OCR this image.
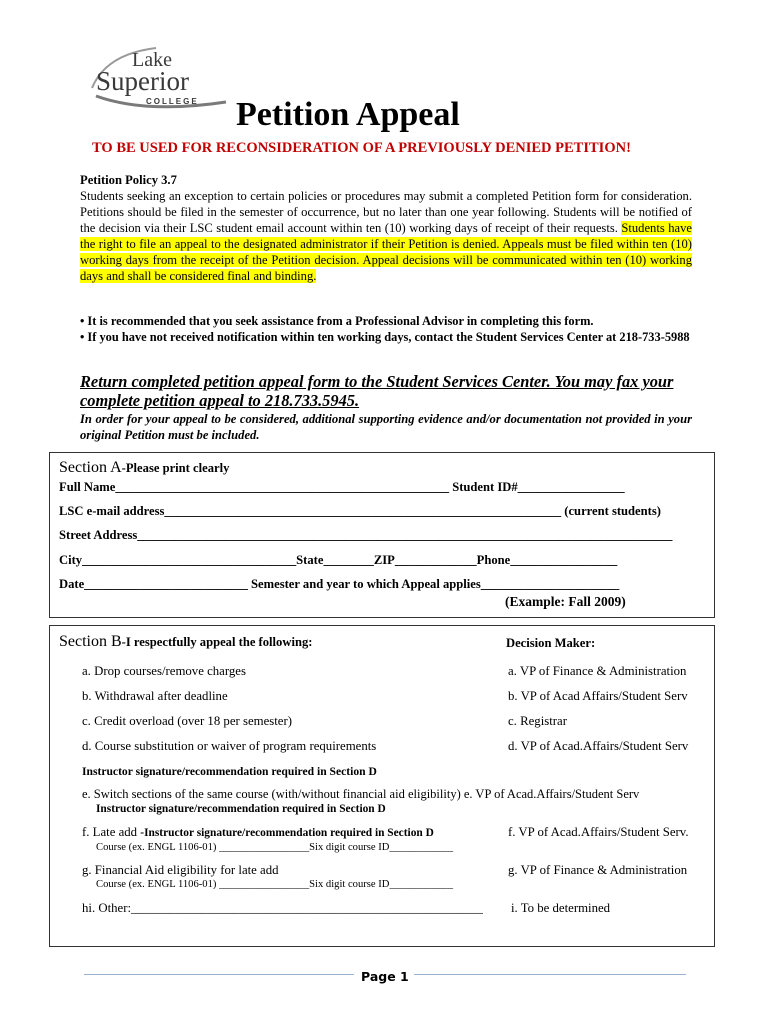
Lake
Superior
COLLEGE Petition Appeal
TO BE USED FOR RECONSIDERATION OF A PREVIOUSLY DENIED PETITION!
Petition Policy 3.7
Students seeking an exception to certain policies or procedures may submit a completed Petition form for consideration. Petitions should be filed in the semester of occurrence, but no later than one year following. Students will be notified of the decision via their LSC student email account within ten (10) working days of receipt of their requests. Students have the right to file an appeal to the designated administrator if their Petition is denied. Appeals must be filed within ten (10) working days from the receipt of the Petition decision. Appeal decisions will be communicated within ten (10) working days and shall be considered final and binding.
• It is recommended that you seek assistance from a Professional Advisor in completing this form.
• If you have not received notification within ten working days, contact the Student Services Center at 218-733-5988
Return completed petition appeal form to the Student Services Center. You may fax your complete petition appeal to 218.733.5945.
In order for your appeal to be considered, additional supporting evidence and/or documentation not provided in your original Petition must be included.
Section A-Please print clearly
Full Name_____________________________________________________ Student ID#_________________
LSC e-mail address_______________________________________________________________ (current students)
Street Address_____________________________________________________________________________________
City__________________________________State________ZIP_____________Phone_________________
Date__________________________ Semester and year to which Appeal applies______________________
(Example: Fall 2009)
Section B-I respectfully appeal the following:	Decision Maker:
a. Drop courses/remove charges	a. VP of Finance & Administration
b. Withdrawal after deadline	b. VP of Acad Affairs/Student Serv
c. Credit overload (over 18 per semester)	c. Registrar
d. Course substitution or waiver of program requirements	d. VP of Acad.Affairs/Student Serv
Instructor signature/recommendation required in Section D
e. Switch sections of the same course (with/without financial aid eligibility) e. VP of Acad.Affairs/Student Serv
Instructor signature/recommendation required in Section D
f. Late add -Instructor signature/recommendation required in Section D	f. VP of Acad.Affairs/Student Serv.
Course (ex. ENGL 1106-01) _________________Six digit course ID____________
g. Financial Aid eligibility for late add	g. VP of Finance & Administration
Course (ex. ENGL 1106-01) _________________Six digit course ID____________
hi. Other:_______________________________________________________ i. To be determined
Page 1
